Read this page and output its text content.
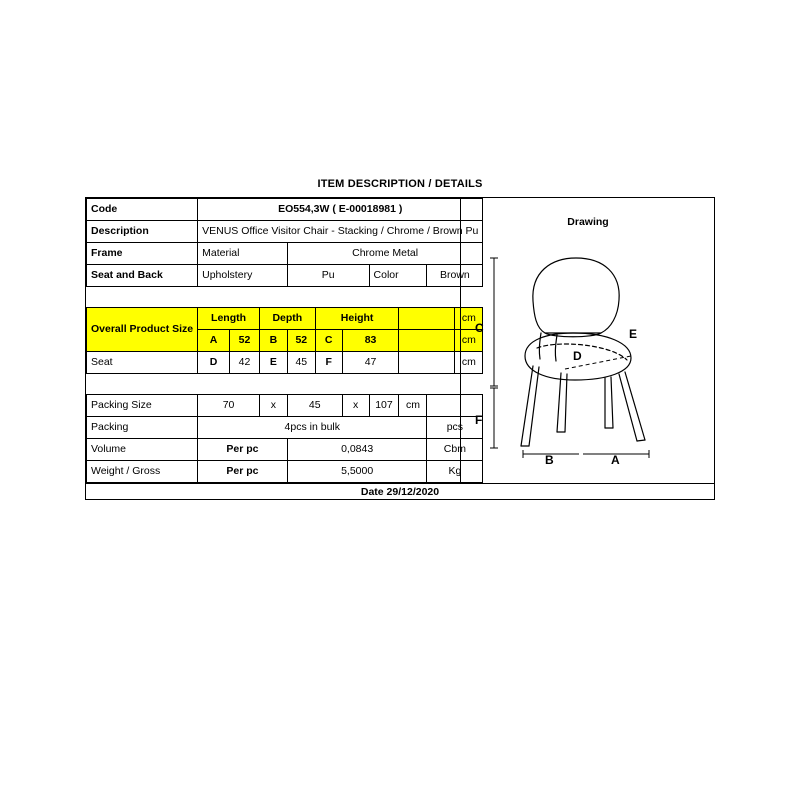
ITEM DESCRIPTION / DETAILS
Code	EO554,3W ( E-00018981 )									
Description	VENUS Office Visitor Chair - Stacking / Chrome / Brown Pu									
Frame	Material			Chrome Metal						
Seat and Back	Upholstery			Pu			Color		Brown	

Overall Product Size	Length		Depth		Height					cm
	A	52	B	52	C	83				cm
Seat	D	42	E	45	F	47				cm

Packing Size	70		x	45		x	107	cm		
Packing	4pcs in bulk								pcs	
Volume	Per pc			0,0843					Cbm	
Weight / Gross	Per pc			5,5000					Kg	
Drawing
C
F
B	A
D
E
Date 29/12/2020
